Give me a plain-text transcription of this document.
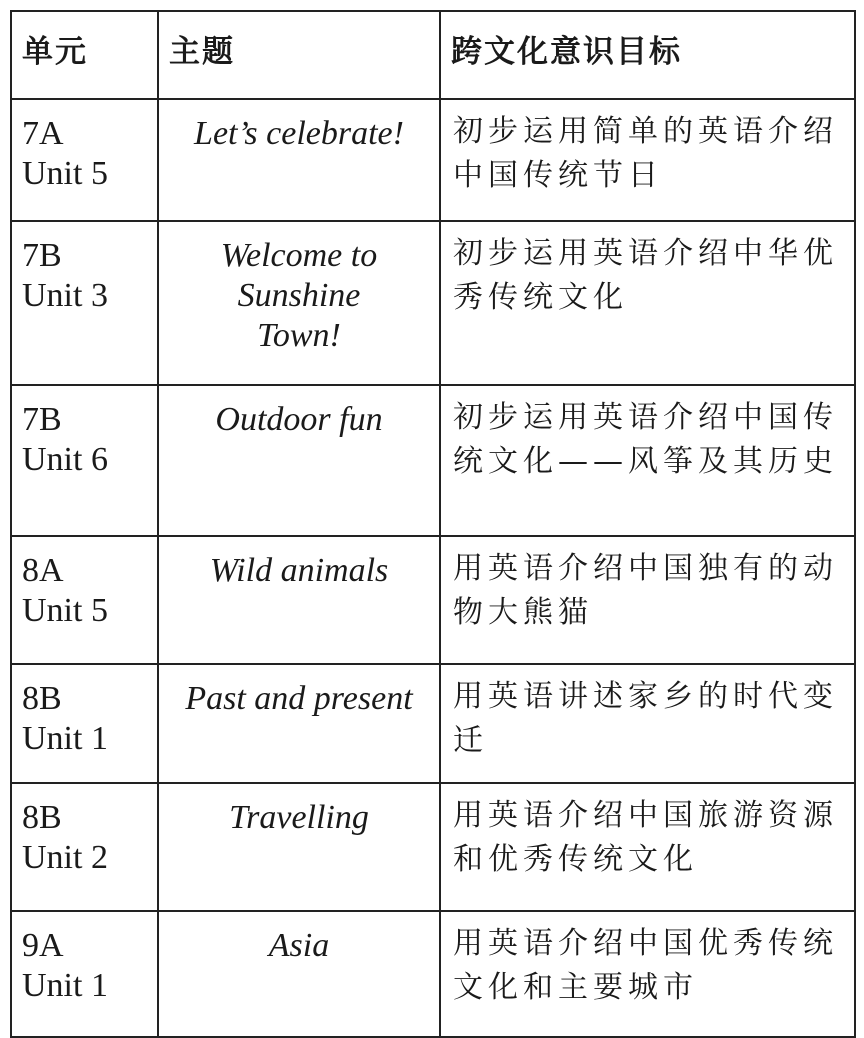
单元	主题	跨文化意识目标

7A
Unit 5	Let’s celebrate!	初步运用简单的英语介绍中国传统节日

7B
Unit 3	Welcome to Sunshine Town!	初步运用英语介绍中华优秀传统文化

7B
Unit 6	Outdoor fun	初步运用英语介绍中国传统文化——风筝及其历史

8A
Unit 5	Wild animals	用英语介绍中国独有的动物大熊猫

8B
Unit 1	Past and present	用英语讲述家乡的时代变迁

8B
Unit 2	Travelling	用英语介绍中国旅游资源和优秀传统文化

9A
Unit 1	Asia	用英语介绍中国优秀传统文化和主要城市
